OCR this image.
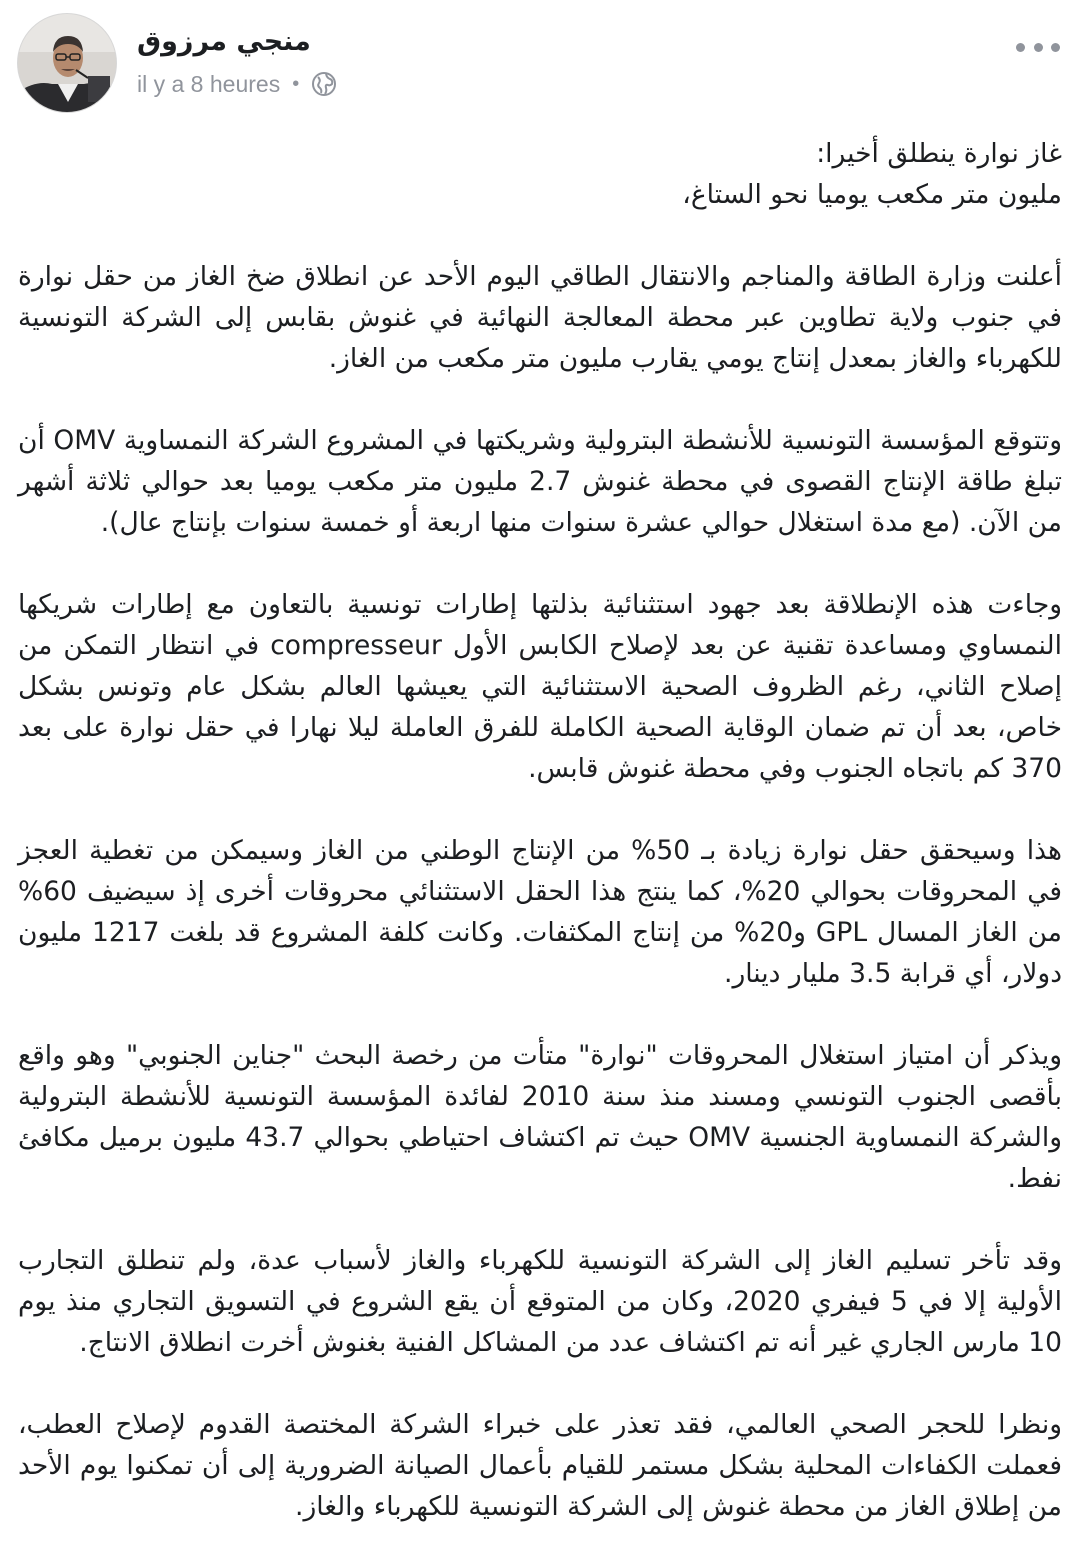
منجي مرزوق
il y a 8 heures •

غاز نوارة ينطلق أخيرا:
مليون متر مكعب يوميا نحو الستاغ،

أعلنت وزارة الطاقة والمناجم والانتقال الطاقي اليوم الأحد عن انطلاق ضخ الغاز من حقل نوارة في جنوب ولاية تطاوين عبر محطة المعالجة النهائية في غنوش بقابس إلى الشركة التونسية للكهرباء والغاز بمعدل إنتاج يومي يقارب مليون متر مكعب من الغاز.

وتتوقع المؤسسة التونسية للأنشطة البترولية وشريكتها في المشروع الشركة النمساوية OMV أن تبلغ طاقة الإنتاج القصوى في محطة غنوش 2.7 مليون متر مكعب يوميا بعد حوالي ثلاثة أشهر من الآن. (مع مدة استغلال حوالي عشرة سنوات منها اربعة أو خمسة سنوات بإنتاج عال).

وجاءت هذه الإنطلاقة بعد جهود استثنائية بذلتها إطارات تونسية بالتعاون مع إطارات شريكها النمساوي ومساعدة تقنية عن بعد لإصلاح الكابس الأول compresseur في انتظار التمكن من إصلاح الثاني، رغم الظروف الصحية الاستثنائية التي يعيشها العالم بشكل عام وتونس بشكل خاص، بعد أن تم ضمان الوقاية الصحية الكاملة للفرق العاملة ليلا نهارا في حقل نوارة على بعد 370 كم باتجاه الجنوب وفي محطة غنوش قابس.

هذا وسيحقق حقل نوارة زيادة بـ 50% من الإنتاج الوطني من الغاز وسيمكن من تغطية العجز في المحروقات بحوالي 20%، كما ينتج هذا الحقل الاستثنائي محروقات أخرى إذ سيضيف 60% من الغاز المسال GPL و20% من إنتاج المكثفات. وكانت كلفة المشروع قد بلغت 1217 مليون دولار، أي قرابة 3.5 مليار دينار.

ويذكر أن امتياز استغلال المحروقات "نوارة" متأت من رخصة البحث "جناين الجنوبي" وهو واقع بأقصى الجنوب التونسي ومسند منذ سنة 2010 لفائدة المؤسسة التونسية للأنشطة البترولية والشركة النمساوية الجنسية OMV حيث تم اكتشاف احتياطي بحوالي 43.7 مليون برميل مكافئ نفط.

وقد تأخر تسليم الغاز إلى الشركة التونسية للكهرباء والغاز لأسباب عدة، ولم تنطلق التجارب الأولية إلا في 5 فيفري 2020، وكان من المتوقع أن يقع الشروع في التسويق التجاري منذ يوم 10 مارس الجاري غير أنه تم اكتشاف عدد من المشاكل الفنية بغنوش أخرت انطلاق الانتاج.

ونظرا للحجر الصحي العالمي، فقد تعذر على خبراء الشركة المختصة القدوم لإصلاح العطب، فعملت الكفاءات المحلية بشكل مستمر للقيام بأعمال الصيانة الضرورية إلى أن تمكنوا يوم الأحد من إطلاق الغاز من محطة غنوش إلى الشركة التونسية للكهرباء والغاز.
